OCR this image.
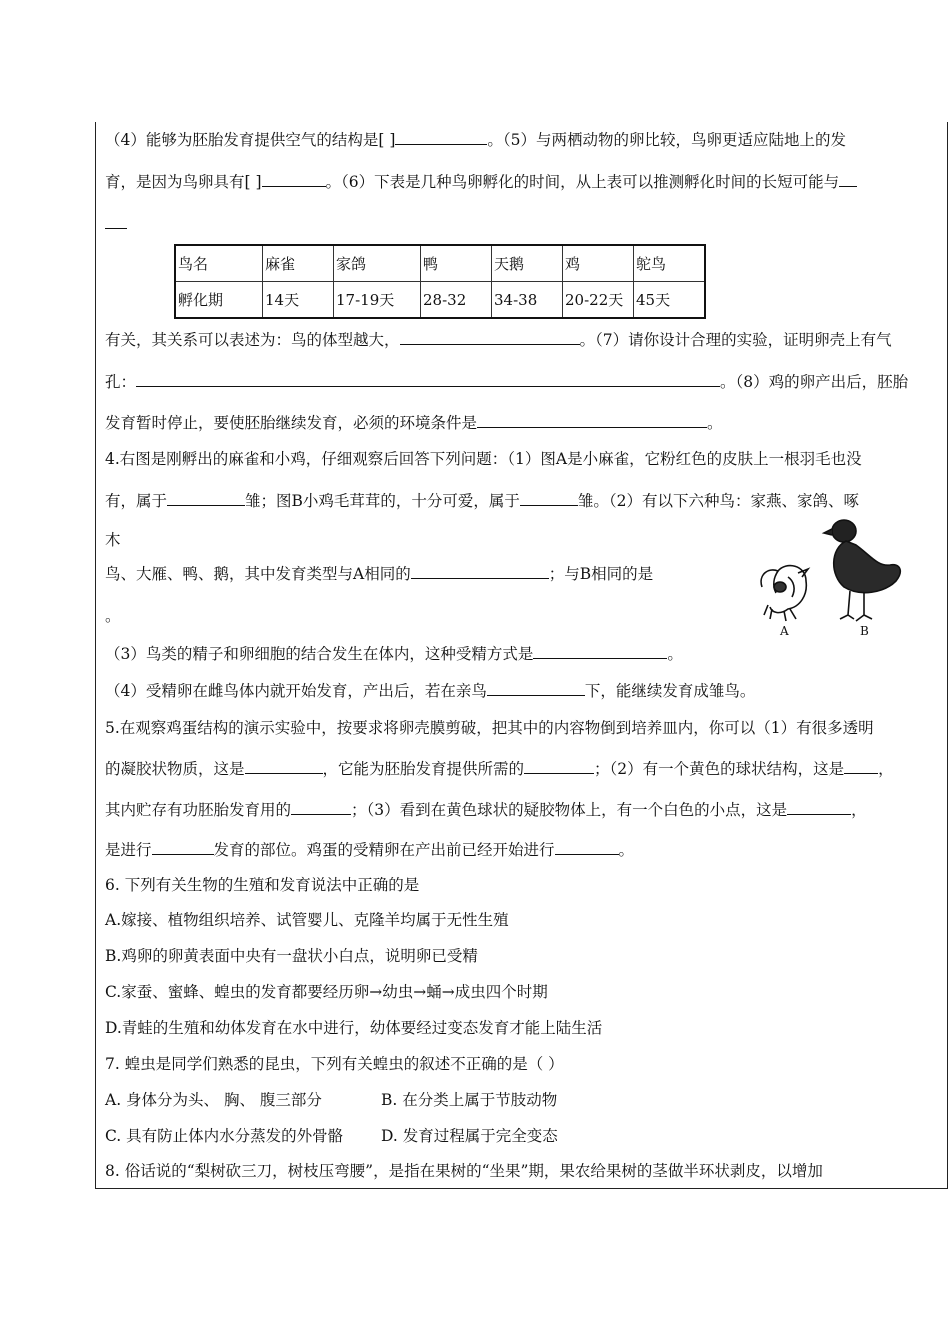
（4）能够为胚胎发育提供空气的结构是[ ]	。（5）与两栖动物的卵比较，鸟卵更适应陆地上的发
育，是因为鸟卵具有[ ]	。（6）下表是几种鸟卵孵化的时间，从上表可以推测孵化时间的长短可能与
鸟名	麻雀	家鸽	鸭	天鹅	鸡	鸵鸟
孵化期	14天	17-19天	28-32	34-38	20-22天	45天
有关，其关系可以表述为：鸟的体型越大，	。（7）请你设计合理的实验，证明卵壳上有气
孔：	。（8）鸡的卵产出后，胚胎
发育暂时停止，要使胚胎继续发育，必须的环境条件是	。
4.右图是刚孵出的麻雀和小鸡，仔细观察后回答下列问题：（1）图A是小麻雀，它粉红色的皮肤上一根羽毛也没
有，属于	雏；图B小鸡毛茸茸的，十分可爱，属于	雏。（2）有以下六种鸟：家燕、家鸽、啄
木
鸟、大雁、鸭、鹅，其中发育类型与A相同的	；与B相同的是
。
（3）鸟类的精子和卵细胞的结合发生在体内，这种受精方式是	。
（4）受精卵在雌鸟体内就开始发育，产出后，若在亲鸟	下，能继续发育成雏鸟。
A	B
5.在观察鸡蛋结构的演示实验中，按要求将卵壳膜剪破，把其中的内容物倒到培养皿内，你可以（1）有很多透明
的凝胶状物质，这是	，它能为胚胎发育提供所需的	；（2）有一个黄色的球状结构，这是 ，
其内贮存有功胚胎发育用的	；（3）看到在黄色球状的疑胶物体上，有一个白色的小点，这是	，
是进行	发育的部位。鸡蛋的受精卵在产出前已经开始进行	。
6. 下列有关生物的生殖和发育说法中正确的是
A.嫁接、植物组织培养、试管婴儿、克隆羊均属于无性生殖
B.鸡卵的卵黄表面中央有一盘状小白点，说明卵已受精
C.家蚕、蜜蜂、蝗虫的发育都要经历卵→幼虫→蛹→成虫四个时期
D.青蛙的生殖和幼体发育在水中进行，幼体要经过变态发育才能上陆生活
7. 蝗虫是同学们熟悉的昆虫，下列有关蝗虫的叙述不正确的是（ ）
A. 身体分为头、 胸、 腹三部分	B. 在分类上属于节肢动物
C. 具有防止体内水分蒸发的外骨骼 D. 发育过程属于完全变态
8. 俗话说的“梨树砍三刀，树枝压弯腰”，是指在果树的“坐果”期，果农给果树的茎做半环状剥皮，以增加
